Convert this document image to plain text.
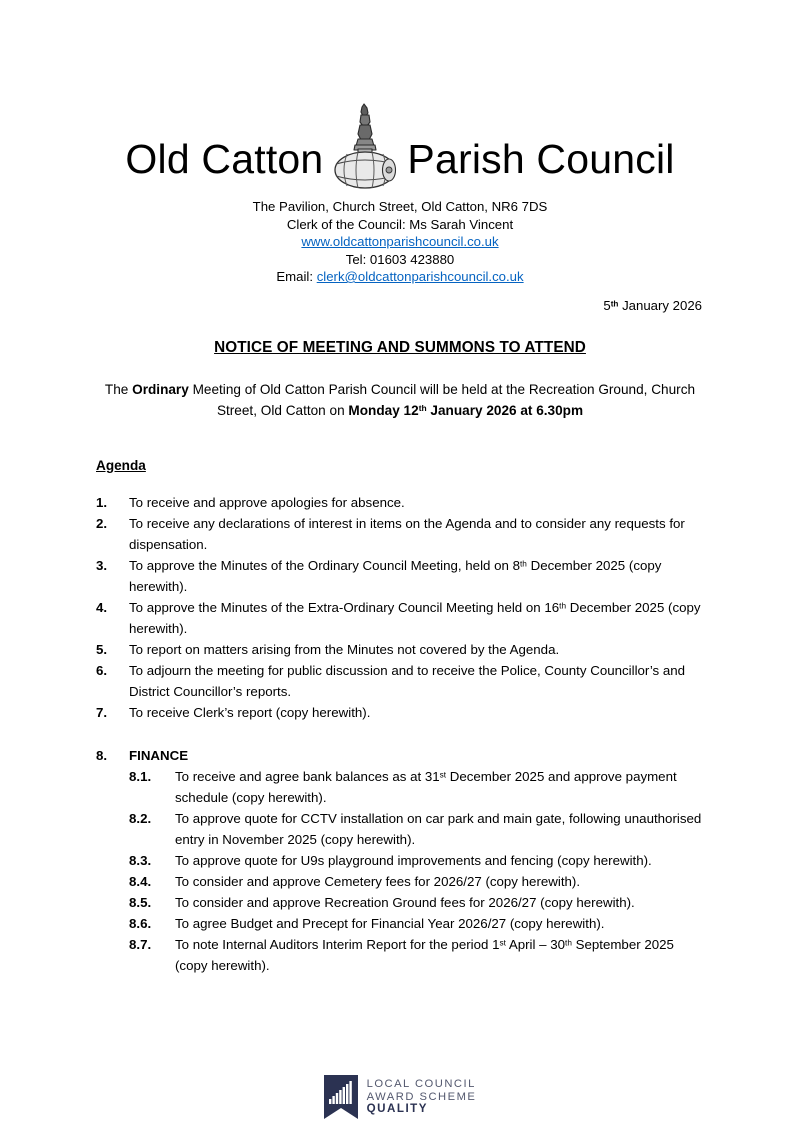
Old Catton Parish Council
The Pavilion, Church Street, Old Catton, NR6 7DS
Clerk of the Council: Ms Sarah Vincent
www.oldcattonparishcouncil.co.uk
Tel: 01603 423880
Email: clerk@oldcattonparishcouncil.co.uk
5th January 2026
NOTICE OF MEETING AND SUMMONS TO ATTEND
The Ordinary Meeting of Old Catton Parish Council will be held at the Recreation Ground, Church Street, Old Catton on Monday 12th January 2026 at 6.30pm
Agenda
1.	To receive and approve apologies for absence.
2.	To receive any declarations of interest in items on the Agenda and to consider any requests for dispensation.
3.	To approve the Minutes of the Ordinary Council Meeting, held on 8th December 2025 (copy herewith).
4.	To approve the Minutes of the Extra-Ordinary Council Meeting held on 16th December 2025 (copy herewith).
5.	To report on matters arising from the Minutes not covered by the Agenda.
6.	To adjourn the meeting for public discussion and to receive the Police, County Councillor’s and District Councillor’s reports.
7.	To receive Clerk’s report (copy herewith).
8.	FINANCE
8.1.	To receive and agree bank balances as at 31st December 2025 and approve payment schedule (copy herewith).
8.2.	To approve quote for CCTV installation on car park and main gate, following unauthorised entry in November 2025 (copy herewith).
8.3.	To approve quote for U9s playground improvements and fencing (copy herewith).
8.4.	To consider and approve Cemetery fees for 2026/27 (copy herewith).
8.5.	To consider and approve Recreation Ground fees for 2026/27 (copy herewith).
8.6.	To agree Budget and Precept for Financial Year 2026/27 (copy herewith).
8.7.	To note Internal Auditors Interim Report for the period 1st April – 30th September 2025 (copy herewith).
LOCAL COUNCIL
AWARD SCHEME
QUALITY
